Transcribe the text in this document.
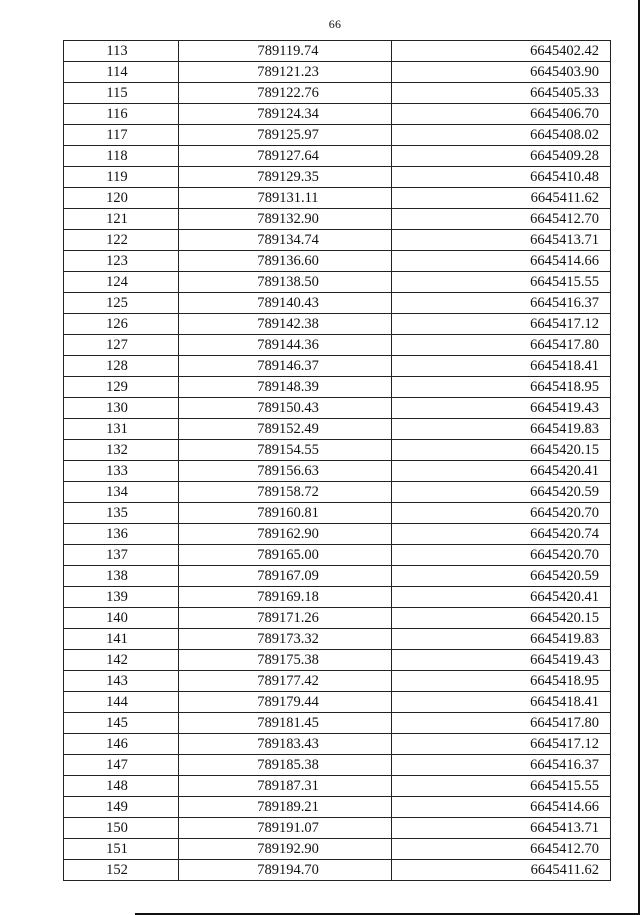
66
113	789119.74	6645402.42
114	789121.23	6645403.90
115	789122.76	6645405.33
116	789124.34	6645406.70
117	789125.97	6645408.02
118	789127.64	6645409.28
119	789129.35	6645410.48
120	789131.11	6645411.62
121	789132.90	6645412.70
122	789134.74	6645413.71
123	789136.60	6645414.66
124	789138.50	6645415.55
125	789140.43	6645416.37
126	789142.38	6645417.12
127	789144.36	6645417.80
128	789146.37	6645418.41
129	789148.39	6645418.95
130	789150.43	6645419.43
131	789152.49	6645419.83
132	789154.55	6645420.15
133	789156.63	6645420.41
134	789158.72	6645420.59
135	789160.81	6645420.70
136	789162.90	6645420.74
137	789165.00	6645420.70
138	789167.09	6645420.59
139	789169.18	6645420.41
140	789171.26	6645420.15
141	789173.32	6645419.83
142	789175.38	6645419.43
143	789177.42	6645418.95
144	789179.44	6645418.41
145	789181.45	6645417.80
146	789183.43	6645417.12
147	789185.38	6645416.37
148	789187.31	6645415.55
149	789189.21	6645414.66
150	789191.07	6645413.71
151	789192.90	6645412.70
152	789194.70	6645411.62
